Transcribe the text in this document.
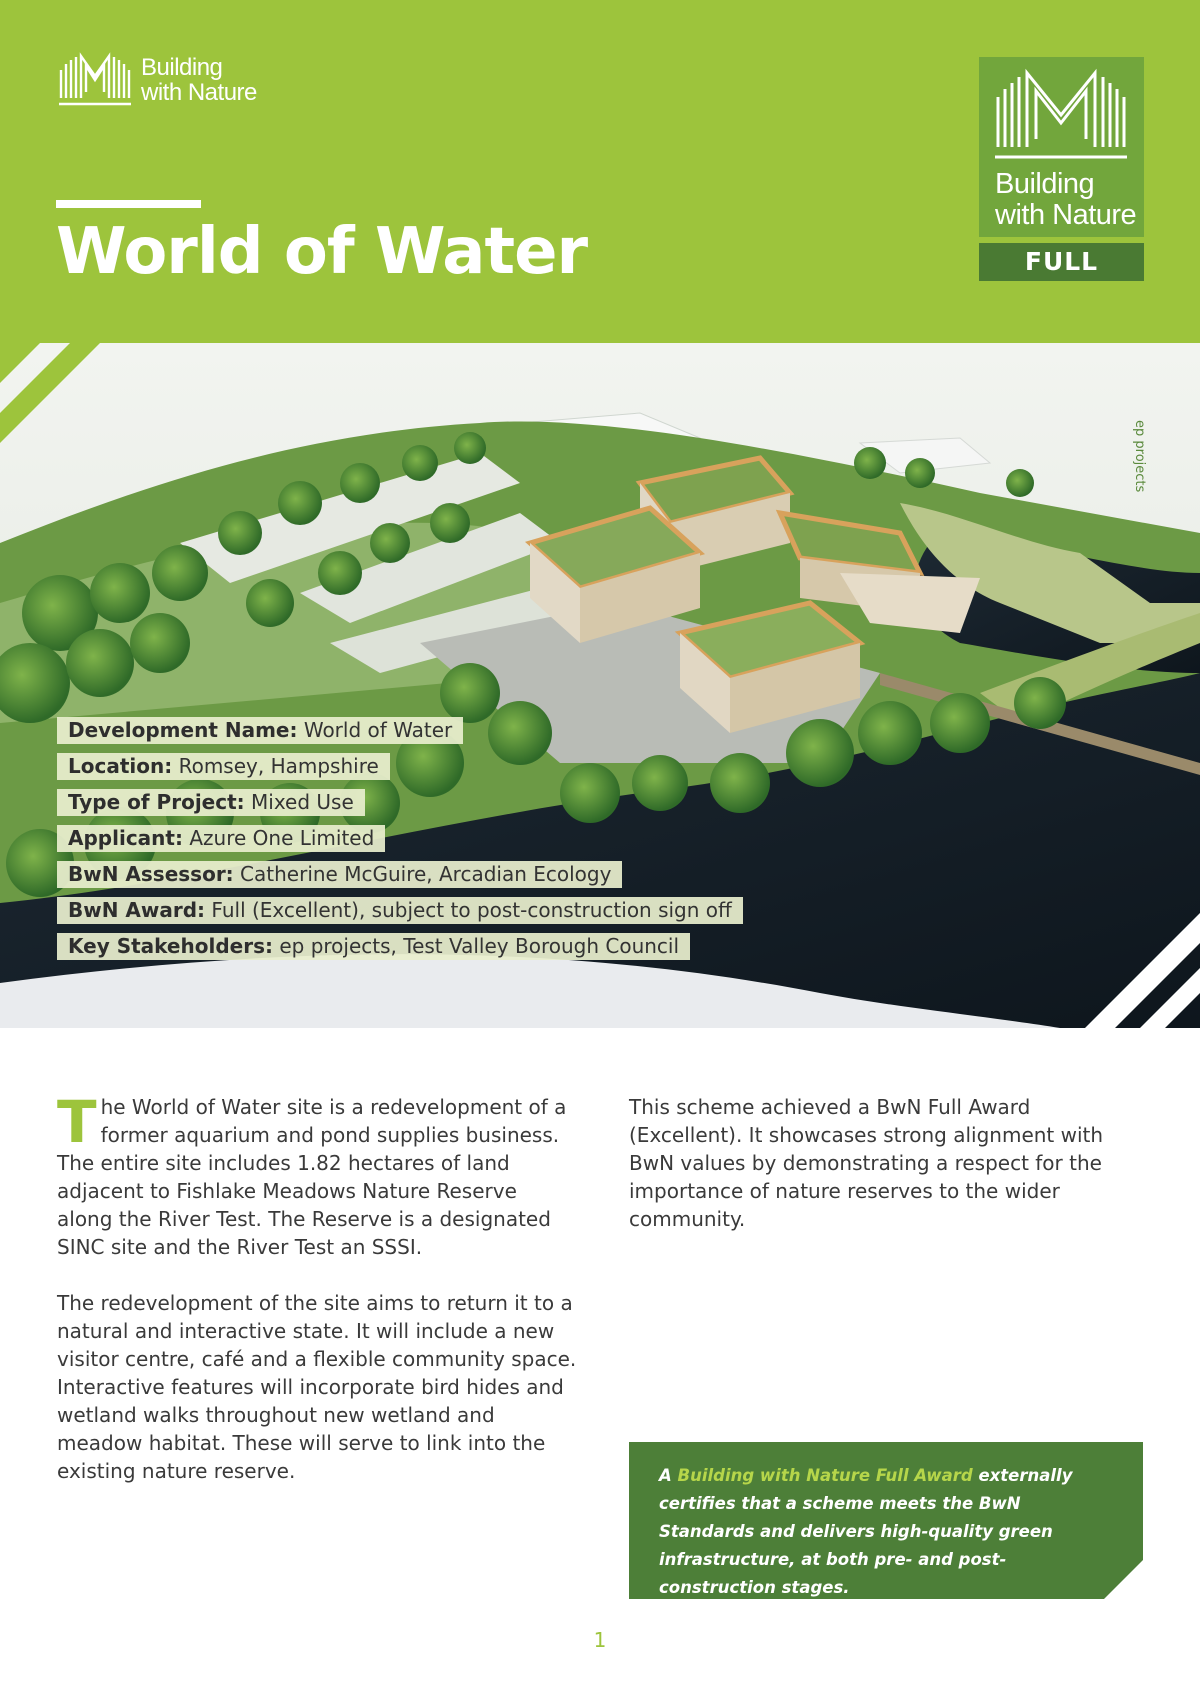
Building
with Nature
World of Water
Building
with Nature
FULL
ep projects
Development Name: World of Water
Location: Romsey, Hampshire
Type of Project: Mixed Use
Applicant: Azure One Limited
BwN Assessor: Catherine McGuire, Arcadian Ecology
BwN Award: Full (Excellent), subject to post-construction sign off
Key Stakeholders: ep projects, Test Valley Borough Council

The World of Water site is a redevelopment of a former aquarium and pond supplies business. The entire site includes 1.82 hectares of land adjacent to Fishlake Meadows Nature Reserve along the River Test. The Reserve is a designated SINC site and the River Test an SSSI.

The redevelopment of the site aims to return it to a natural and interactive state. It will include a new visitor centre, café and a flexible community space. Interactive features will incorporate bird hides and wetland walks throughout new wetland and meadow habitat. These will serve to link into the existing nature reserve.

This scheme achieved a BwN Full Award (Excellent). It showcases strong alignment with BwN values by demonstrating a respect for the importance of nature reserves to the wider community.

A Building with Nature Full Award externally certifies that a scheme meets the BwN Standards and delivers high-quality green infrastructure, at both pre- and post-construction stages.
1
